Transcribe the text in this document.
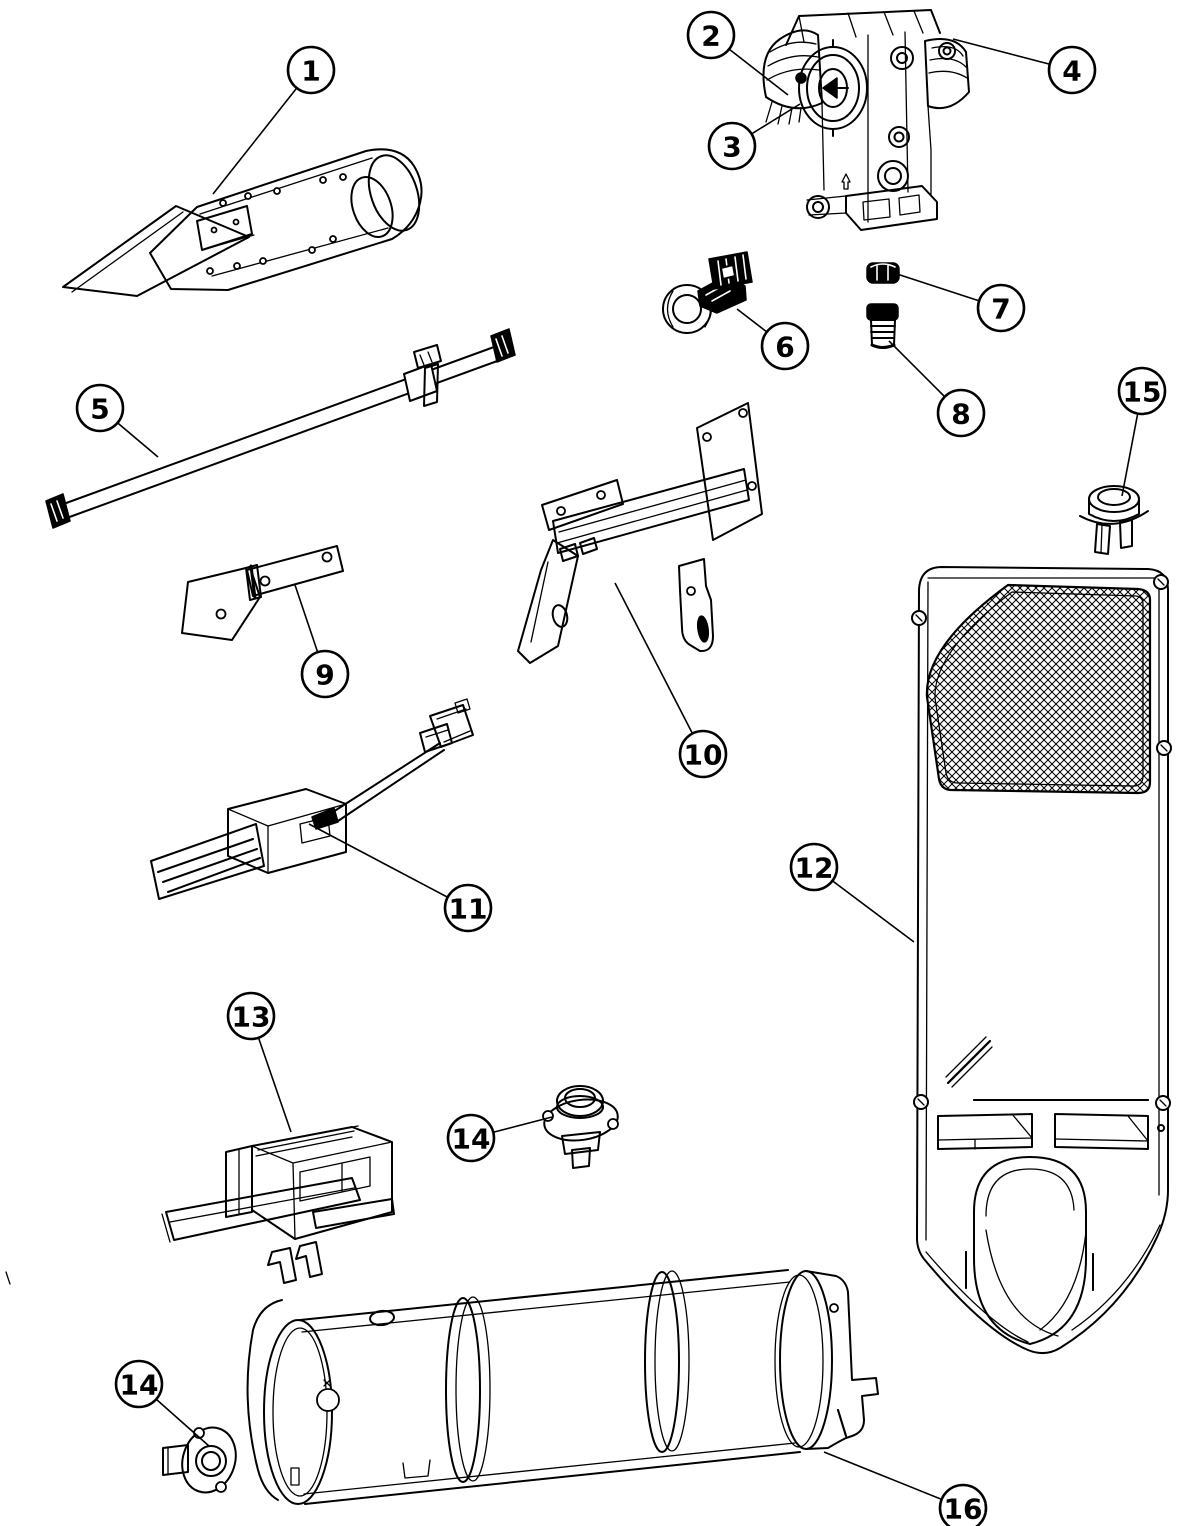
1
2
3
4
5
6
7
8
9
10
11
12
13
14
15
14
16
